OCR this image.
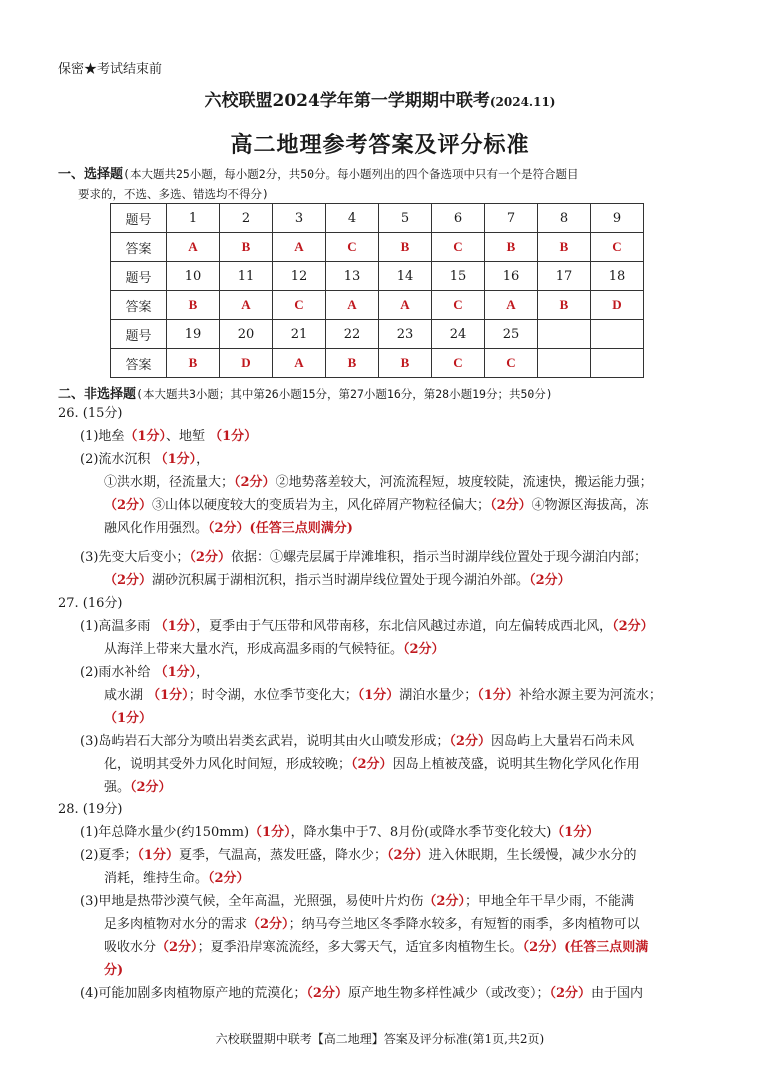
保密★考试结束前
六校联盟2024学年第一学期期中联考(2024.11)
高二地理参考答案及评分标准
一、选择题(本大题共25小题，每小题2分，共50分。每小题列出的四个备选项中只有一个是符合题目
要求的，不选、多选、错选均不得分)
题号	1	2	3	4	5	6	7	8	9
答案	A	B	A	C	B	C	B	B	C
题号	10	11	12	13	14	15	16	17	18
答案	B	A	C	A	A	C	A	B	D
题号	19	20	21	22	23	24	25		
答案	B	D	A	B	B	C	C		
二、非选择题(本大题共3小题；其中第26小题15分，第27小题16分，第28小题19分；共50分)
26. (15分)
(1)地垒（1分）、地堑 （1分）
(2)流水沉积 （1分），
①洪水期，径流量大；（2分）②地势落差较大，河流流程短，坡度较陡，流速快，搬运能力强；
（2分）③山体以硬度较大的变质岩为主，风化碎屑产物粒径偏大；（2分）④物源区海拔高，冻
融风化作用强烈。（2分）(任答三点则满分)
(3)先变大后变小；（2分）依据：①螺壳层属于岸滩堆积，指示当时湖岸线位置处于现今湖泊内部；
（2分）湖砂沉积属于湖相沉积，指示当时湖岸线位置处于现今湖泊外部。（2分）
27. (16分)
(1)高温多雨 （1分），夏季由于气压带和风带南移，东北信风越过赤道，向左偏转成西北风，（2分）
从海洋上带来大量水汽，形成高温多雨的气候特征。（2分）
(2)雨水补给 （1分），
咸水湖 （1分）；时令湖，水位季节变化大；（1分）湖泊水量少；（1分）补给水源主要为河流水；
（1分）
(3)岛屿岩石大部分为喷出岩类玄武岩，说明其由火山喷发形成；（2分）因岛屿上大量岩石尚未风
化，说明其受外力风化时间短，形成较晚；（2分）因岛上植被茂盛，说明其生物化学风化作用
强。（2分）
28. (19分)
(1)年总降水量少(约150mm)（1分），降水集中于7、8月份(或降水季节变化较大)（1分）
(2)夏季；（1分）夏季，气温高，蒸发旺盛，降水少；（2分）进入休眠期，生长缓慢，减少水分的
消耗，维持生命。（2分）
(3)甲地是热带沙漠气候，全年高温，光照强，易使叶片灼伤（2分）；甲地全年干旱少雨，不能满
足多肉植物对水分的需求（2分）；纳马夸兰地区冬季降水较多，有短暂的雨季，多肉植物可以
吸收水分（2分）；夏季沿岸寒流流经，多大雾天气，适宜多肉植物生长。（2分）(任答三点则满
分)
(4)可能加剧多肉植物原产地的荒漠化；（2分）原产地生物多样性减少（或改变）；（2分）由于国内
六校联盟期中联考【高二地理】答案及评分标准(第1页,共2页)
